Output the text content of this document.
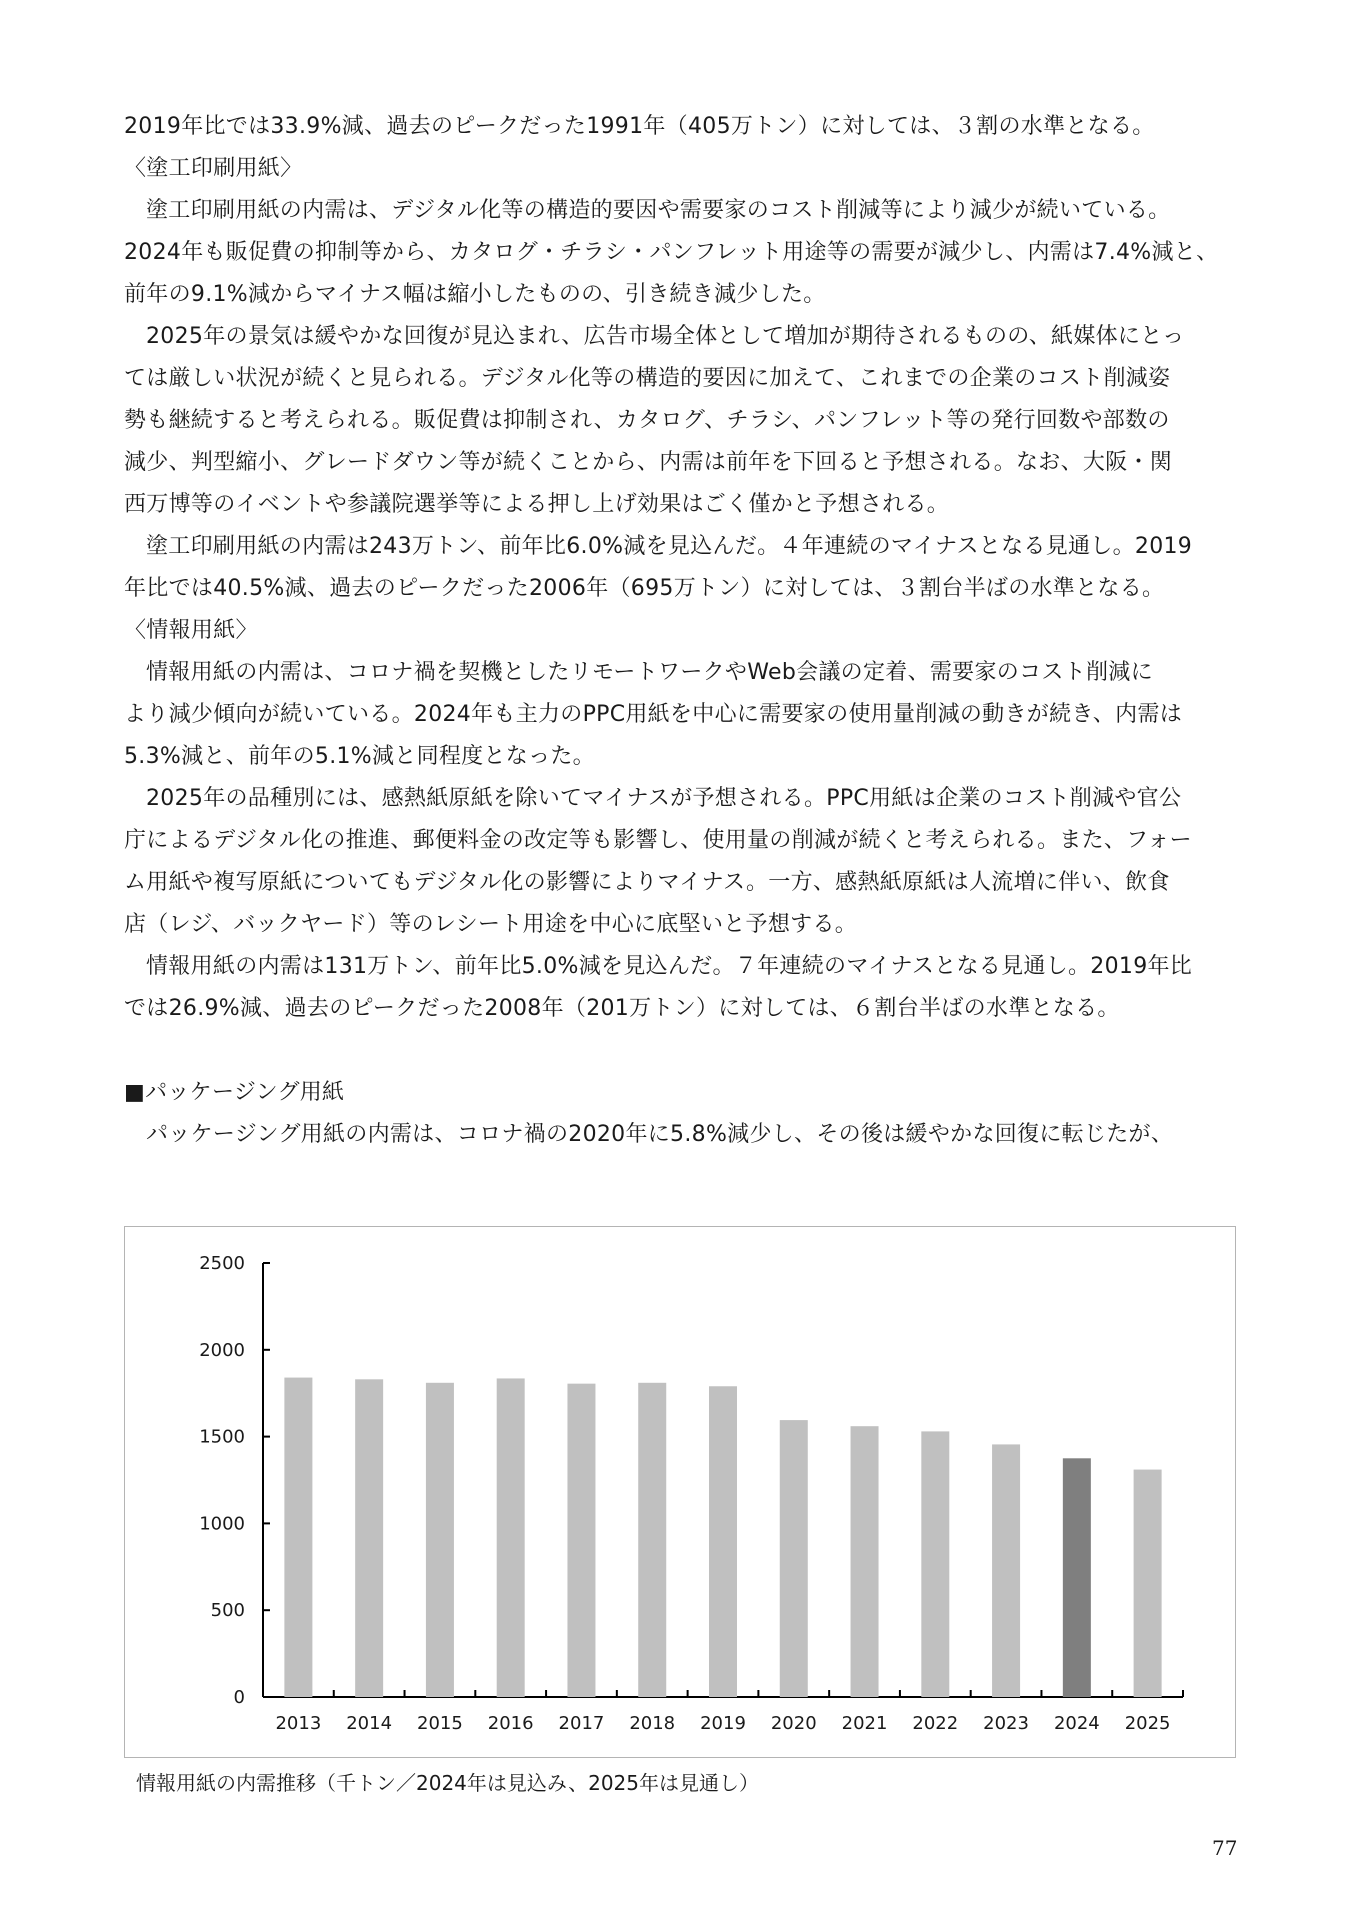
2019年比では33.9%減、過去のピークだった1991年（405万トン）に対しては、３割の水準となる。
〈塗工印刷用紙〉
塗工印刷用紙の内需は、デジタル化等の構造的要因や需要家のコスト削減等により減少が続いている。
2024年も販促費の抑制等から、カタログ・チラシ・パンフレット用途等の需要が減少し、内需は7.4%減と、
前年の9.1%減からマイナス幅は縮小したものの、引き続き減少した。
2025年の景気は緩やかな回復が見込まれ、広告市場全体として増加が期待されるものの、紙媒体にとっ
ては厳しい状況が続くと見られる。デジタル化等の構造的要因に加えて、これまでの企業のコスト削減姿
勢も継続すると考えられる。販促費は抑制され、カタログ、チラシ、パンフレット等の発行回数や部数の
減少、判型縮小、グレードダウン等が続くことから、内需は前年を下回ると予想される。なお、大阪・関
西万博等のイベントや参議院選挙等による押し上げ効果はごく僅かと予想される。
塗工印刷用紙の内需は243万トン、前年比6.0%減を見込んだ。４年連続のマイナスとなる見通し。2019
年比では40.5%減、過去のピークだった2006年（695万トン）に対しては、３割台半ばの水準となる。
〈情報用紙〉
情報用紙の内需は、コロナ禍を契機としたリモートワークやWeb会議の定着、需要家のコスト削減に
より減少傾向が続いている。2024年も主力のPPC用紙を中心に需要家の使用量削減の動きが続き、内需は
5.3%減と、前年の5.1%減と同程度となった。
2025年の品種別には、感熱紙原紙を除いてマイナスが予想される。PPC用紙は企業のコスト削減や官公
庁によるデジタル化の推進、郵便料金の改定等も影響し、使用量の削減が続くと考えられる。また、フォー
ム用紙や複写原紙についてもデジタル化の影響によりマイナス。一方、感熱紙原紙は人流増に伴い、飲食
店（レジ、バックヤード）等のレシート用途を中心に底堅いと予想する。
情報用紙の内需は131万トン、前年比5.0%減を見込んだ。７年連続のマイナスとなる見通し。2019年比
では26.9%減、過去のピークだった2008年（201万トン）に対しては、６割台半ばの水準となる。
■パッケージング用紙
パッケージング用紙の内需は、コロナ禍の2020年に5.8%減少し、その後は緩やかな回復に転じたが、
0
500
1000
1500
2000
2500
2013 2014 2015 2016 2017 2018 2019 2020 2021 2022 2023 2024 2025
情報用紙の内需推移（千トン／2024年は見込み、2025年は見通し）
77
